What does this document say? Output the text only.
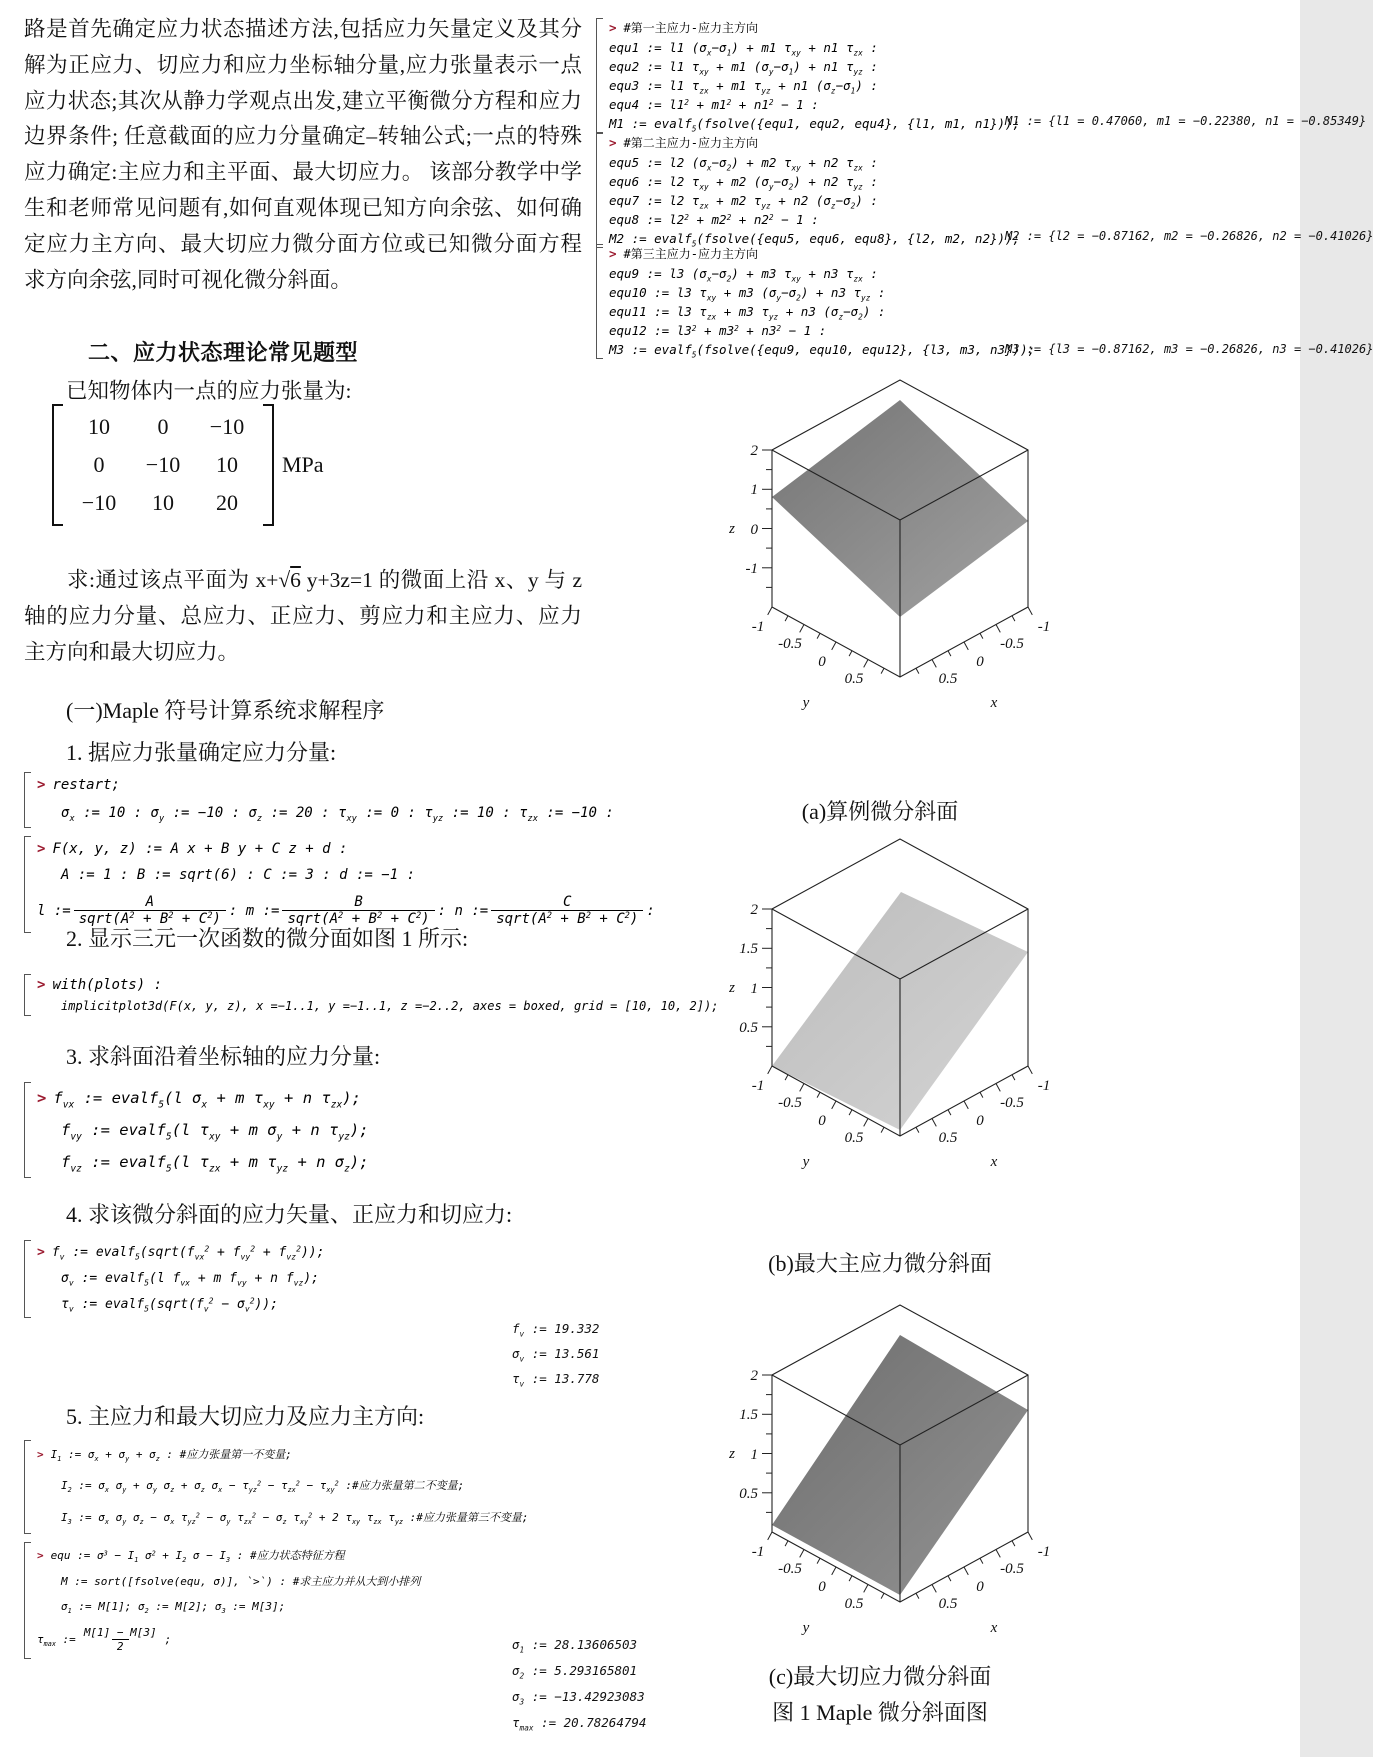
路是首先确定应力状态描述方法,包括应力矢量定义及其分解为正应力、切应力和应力坐标轴分量,应力张量表示一点应力状态;其次从静力学观点出发,建立平衡微分方程和应力边界条件; 任意截面的应力分量确定–转轴公式;一点的特殊应力确定:主应力和主平面、最大切应力。 该部分教学中学生和老师常见问题有,如何直观体现已知方向余弦、如何确定应力主方向、最大切应力微分面方位或已知微分面方程求方向余弦,同时可视化微分斜面。

二、应力状态理论常见题型

已知物体内一点的应力张量为:

10	0	−10
0	−10	10
−10	10	20
MPa

求:通过该点平面为 x+√6 y+3z=1 的微面上沿 x、y 与 z 轴的应力分量、总应力、正应力、剪应力和主应力、应力主方向和最大切应力。

(一)Maple 符号计算系统求解程序

1. 据应力张量确定应力分量:

> restart;
$\sigma_x$ := 10 : $\sigma_y$ := −10 : $\sigma_z$ := 20 : $\tau_{xy}$ := 0 : $\tau_{yz}$ := 10 : $\tau_{zx}$ := −10 :
> F(x, y, z) := A x + B y + C z + d :
A := 1 : B := sqrt(6) : C := 3 : d := −1 :
l := $\frac{A}{sqrt(A^2 + B^2 + C^2)}$ : m := $\frac{B}{sqrt(A^2 + B^2 + C^2)}$ : n := $\frac{C}{sqrt(A^2 + B^2 + C^2)}$ :

2. 显示三元一次函数的微分面如图 1 所示:

> with(plots) :
implicitplot3d(F(x, y, z), x =−1..1, y =−1..1, z =−2..2, axes = boxed, grid = [10, 10, 2]);

3. 求斜面沿着坐标轴的应力分量:

> $f_{vx}$ := evalf$_5$(l $\sigma_x + m$ $\tau_{xy} + n$ $\tau_{zx}$);
$f_{vy}$ := evalf$_5$(l $\tau_{xy} + m$ $\sigma_y + n$ $\tau_{yz}$);
$f_{vz}$ := evalf$_5$(l $\tau_{zx} + m$ $\tau_{yz} + n$ $\sigma_z$);

4. 求该微分斜面的应力矢量、正应力和切应力:

> $f_v$ := $evalf_5(sqrt(f_{vx}^2 + f_{vy}^2 + f_{vz}^2))$;
$\sigma_v$ := evalf$_5$(l $f_{vx} + m$ $f_{vy} + n$ $f_{vz}$);
$\tau_v$ := $evalf_5(sqrt(f_v^2 - \sigma_v^2))$;
$f_v$ := 19.332
$\sigma_v$ := 13.561
$\tau_v$ := 13.778

5. 主应力和最大切应力及应力主方向:

> $I_1$ := $\sigma_x + \sigma_y + \sigma_z$ : #应力张量第一不变量;
$I_2$ := $\sigma_x$ $\sigma_y + \sigma_y$ $\sigma_z + \sigma_z$ $\sigma_x - \tau_{yz}^2 - \tau_{zx}^2 - \tau_{xy}^2$ :#应力张量第二不变量;
$I_3$ := $\sigma_x$ $\sigma_y$ $\sigma_z - \sigma_x$ $\tau_{yz}^2 - \sigma_y$ $\tau_{zx}^2 - \sigma_z$ $\tau_{xy}^2 + 2$ $\tau_{xy}$ $\tau_{zx}$ $\tau_{yz}$ :#应力张量第三不变量;
> equ := $\sigma^3 - I_1$ $\sigma^2 + I_2$ $\sigma - I_3$ : #应力状态特征方程
M := sort([fsolve(equ, σ)], `>`) : #求主应力并从大到小排列
$\sigma_1$ := M[1]; $\sigma_2$ := M[2]; $\sigma_3$ := M[3];
$\tau_{max}$ := $\frac{M[1] - M[3]}{2}$ ;	$\sigma_1$ := 28.13606503
$\sigma_2$ := 5.293165801
$\sigma_3$ := −13.42923083
$\tau_{max}$ := 20.78264794
> #第一主应力-应力主方向
equ1 := l1 $(\sigma_x-\sigma_1) + m1$ $\tau_{xy} + n1$ $\tau_{zx}$ :
equ2 := l1 $\tau_{xy} + m1$ $(\sigma_y-\sigma_1) + n1$ $\tau_{yz}$ :
equ3 := l1 $\tau_{zx} + m1$ $\tau_{yz} + n1$ $(\sigma_z-\sigma_1)$ :
equ4 := $l1^2 + m1^2 + n1^2 - 1$ :
M1 := evalf$_5$(fsolve({equ1, equ2, equ4}, {l1, m1, n1}));
M1 := {l1 = 0.47060, m1 = −0.22380, n1 = −0.85349}
> #第二主应力-应力主方向
equ5 := l2 $(\sigma_x-\sigma_2) + m2$ $\tau_{xy} + n2$ $\tau_{zx}$ :
equ6 := l2 $\tau_{xy} + m2$ $(\sigma_y-\sigma_2) + n2$ $\tau_{yz}$ :
equ7 := l2 $\tau_{zx} + m2$ $\tau_{yz} + n2$ $(\sigma_z-\sigma_2)$ :
equ8 := $l2^2 + m2^2 + n2^2 - 1$ :
M2 := evalf$_5$(fsolve({equ5, equ6, equ8}, {l2, m2, n2}));
M2 := {l2 = −0.87162, m2 = −0.26826, n2 = −0.41026}
> #第三主应力-应力主方向
equ9 := l3 $(\sigma_x-\sigma_2) + m3$ $\tau_{xy} + n3$ $\tau_{zx}$ :
equ10 := l3 $\tau_{xy} + m3$ $(\sigma_y-\sigma_2) + n3$ $\tau_{yz}$ :
equ11 := l3 $\tau_{zx} + m3$ $\tau_{yz} + n3$ $(\sigma_z-\sigma_2)$ :
equ12 := $l3^2 + m3^2 + n3^2 - 1$ :
M3 := evalf$_5$(fsolve({equ9, equ10, equ12}, {l3, m3, n3}));
M3 := {l3 = −0.87162, m3 = −0.26826, n3 = −0.41026}
2
1
0
-1
z
-1
-0.5
0
0.5
y
-1
-0.5
0
0.5
x

(a)算例微分斜面

2
1.5
1
0.5
z
-1
-0.5
0
0.5
y
-1
-0.5
0
0.5
x

(b)最大主应力微分斜面

2
1.5
1
0.5
z
-1
-0.5
0
0.5
y
-1
-0.5
0
0.5
x

(c)最大切应力微分斜面

图 1 Maple 微分斜面图
